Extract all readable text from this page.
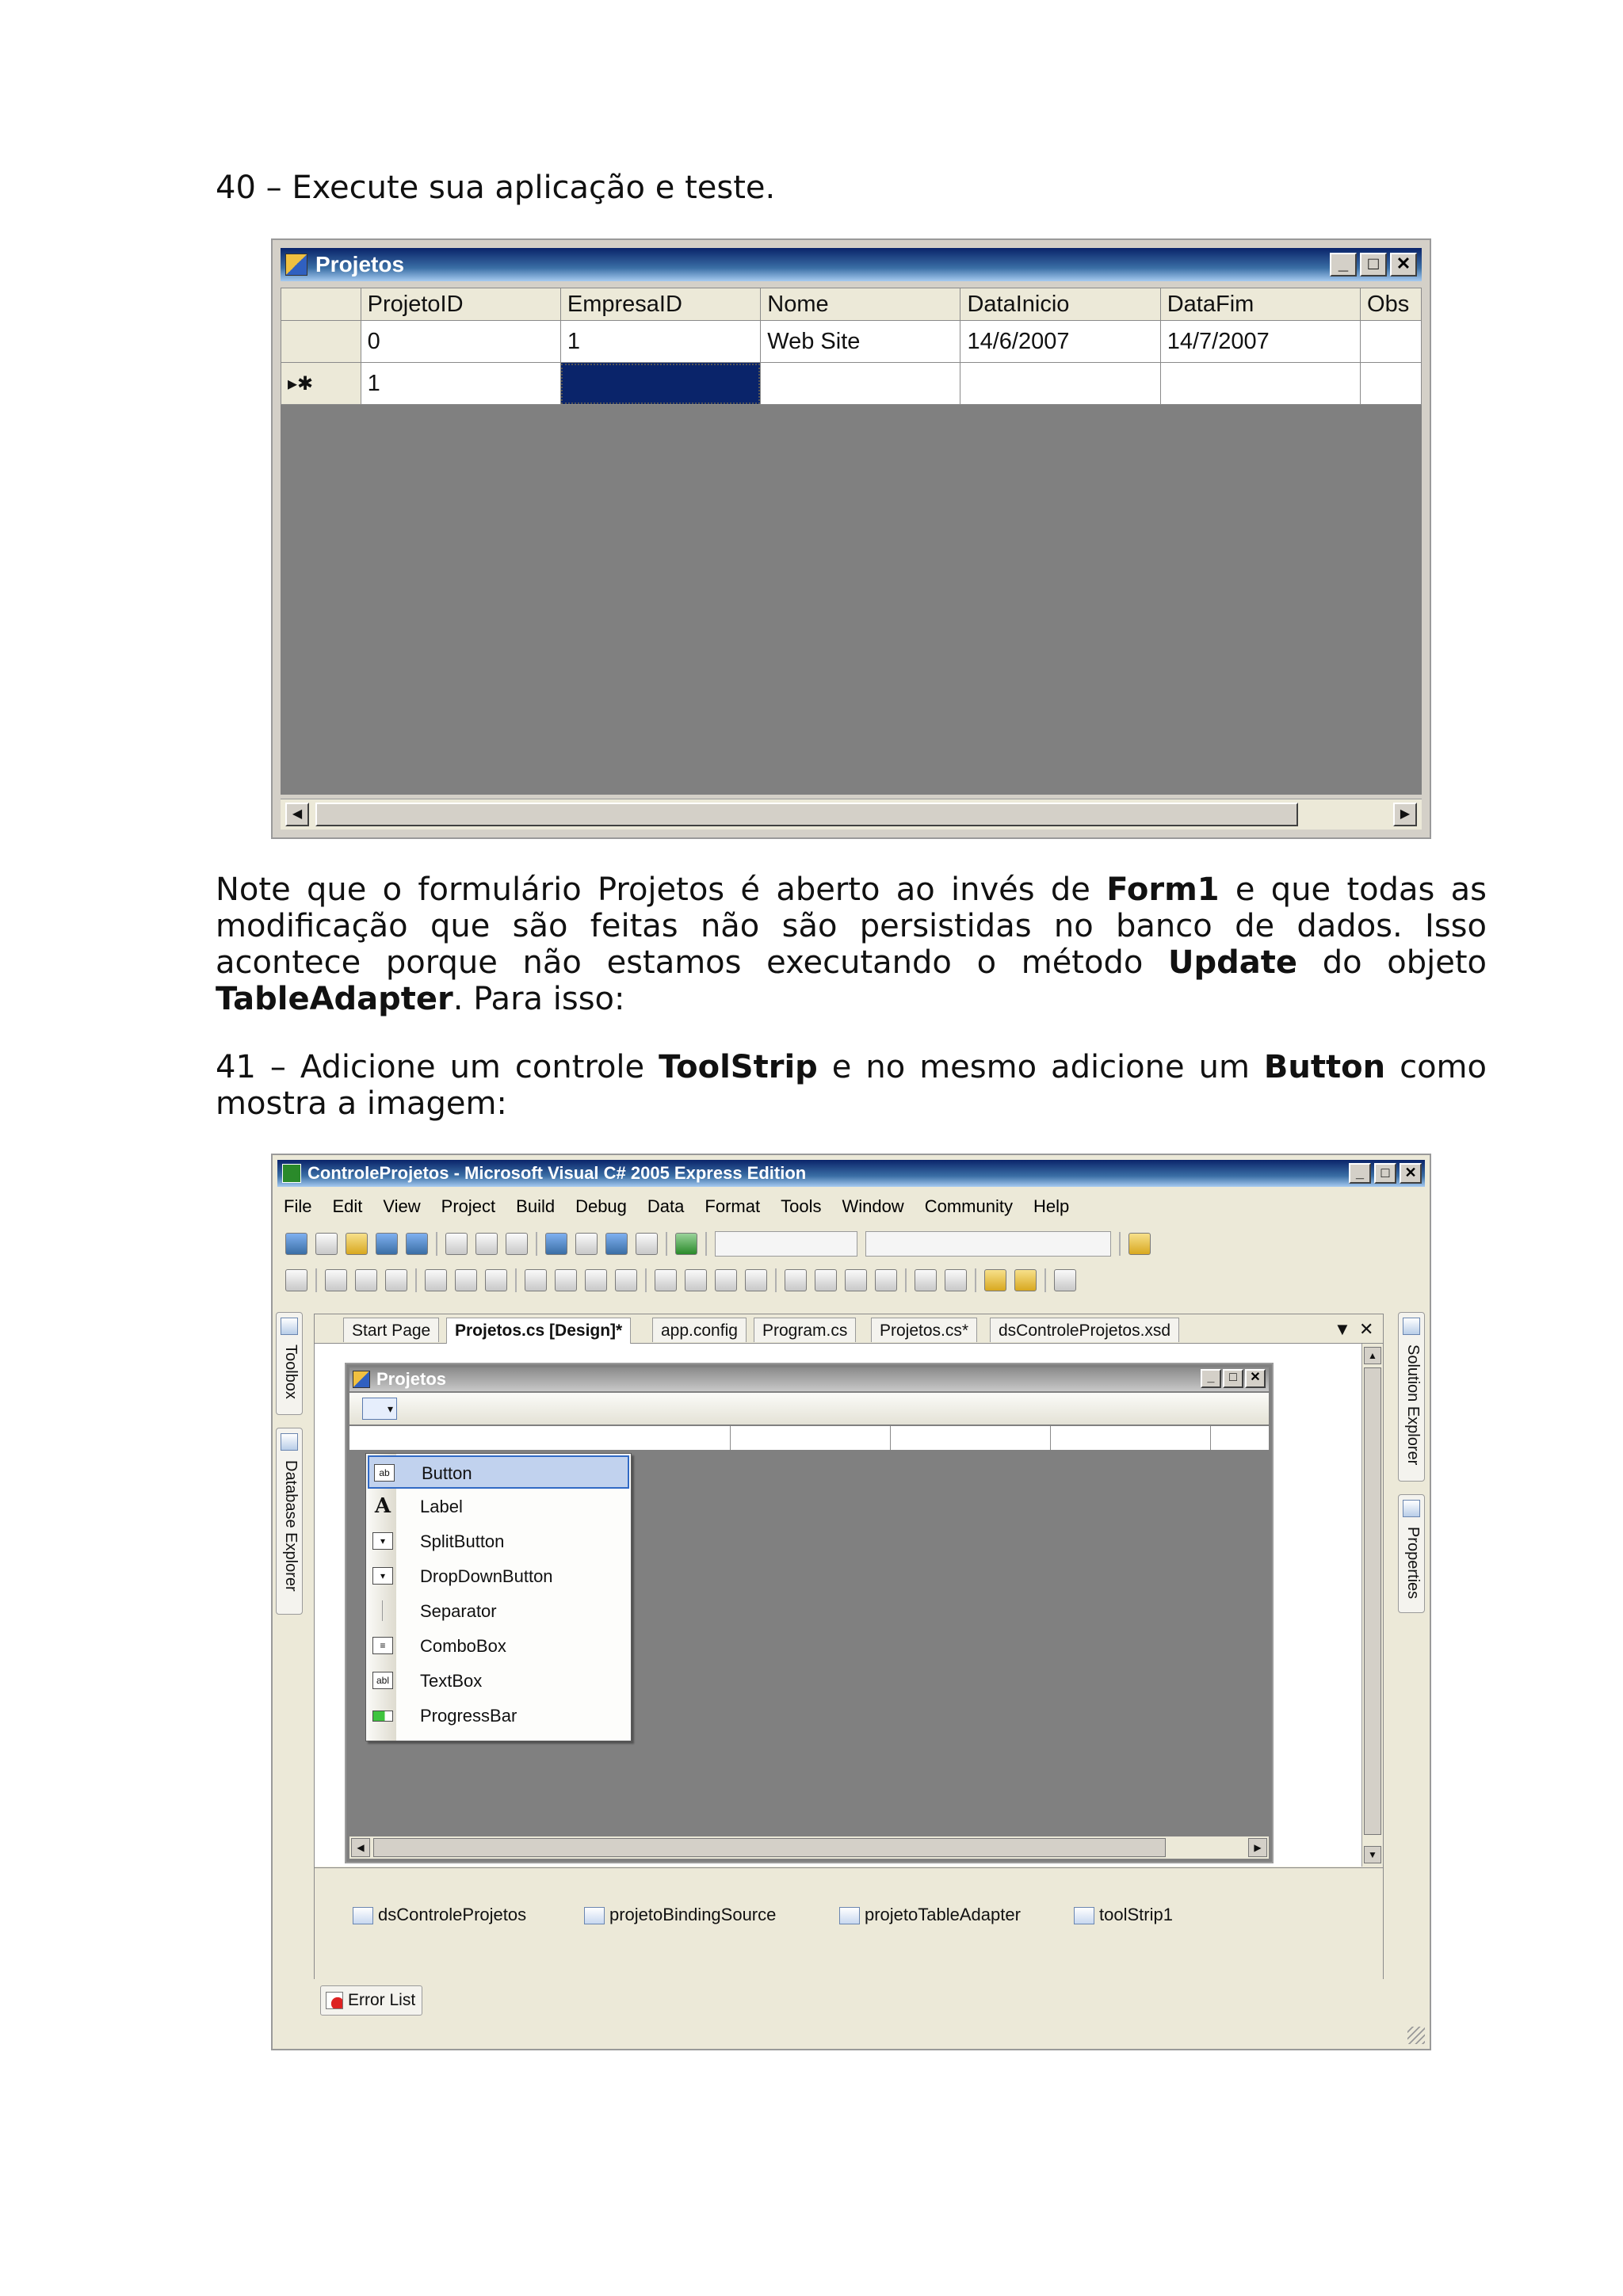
40 – Execute sua aplicação e teste.
Projetos	_	□	✕
	ProjetoID	EmpresaID	Nome	DataInicio	DataFim	Obs
	0	1	Web Site	14/6/2007	14/7/2007	
▸✱	1					
◀	▶
Note que o formulário Projetos é aberto ao invés de Form1 e que todas as modificação que são feitas não são persistidas no banco de dados. Isso acontece porque não estamos executando o método Update do objeto TableAdapter. Para isso:
41 – Adicione um controle ToolStrip e no mesmo adicione um Button como mostra a imagem:
ControleProjetos - Microsoft Visual C# 2005 Express Edition	_	□	✕
File Edit View Project Build Debug Data Format Tools Window Community Help
Toolbox
Database Explorer
Solution Explorer
Properties
Start Page	Projetos.cs [Design]*	app.config	Program.cs	Projetos.cs*	dsControleProjetos.xsd	▼ ✕
Projetos	_	□	✕
▾
◀	▶
ab Button
A Label
▾	SplitButton
▾	DropDownButton
Separator
≡	ComboBox
abl TextBox
ProgressBar
▲
▼
dsControleProjetos	projetoBindingSource	projetoTableAdapter	toolStrip1
Error List
